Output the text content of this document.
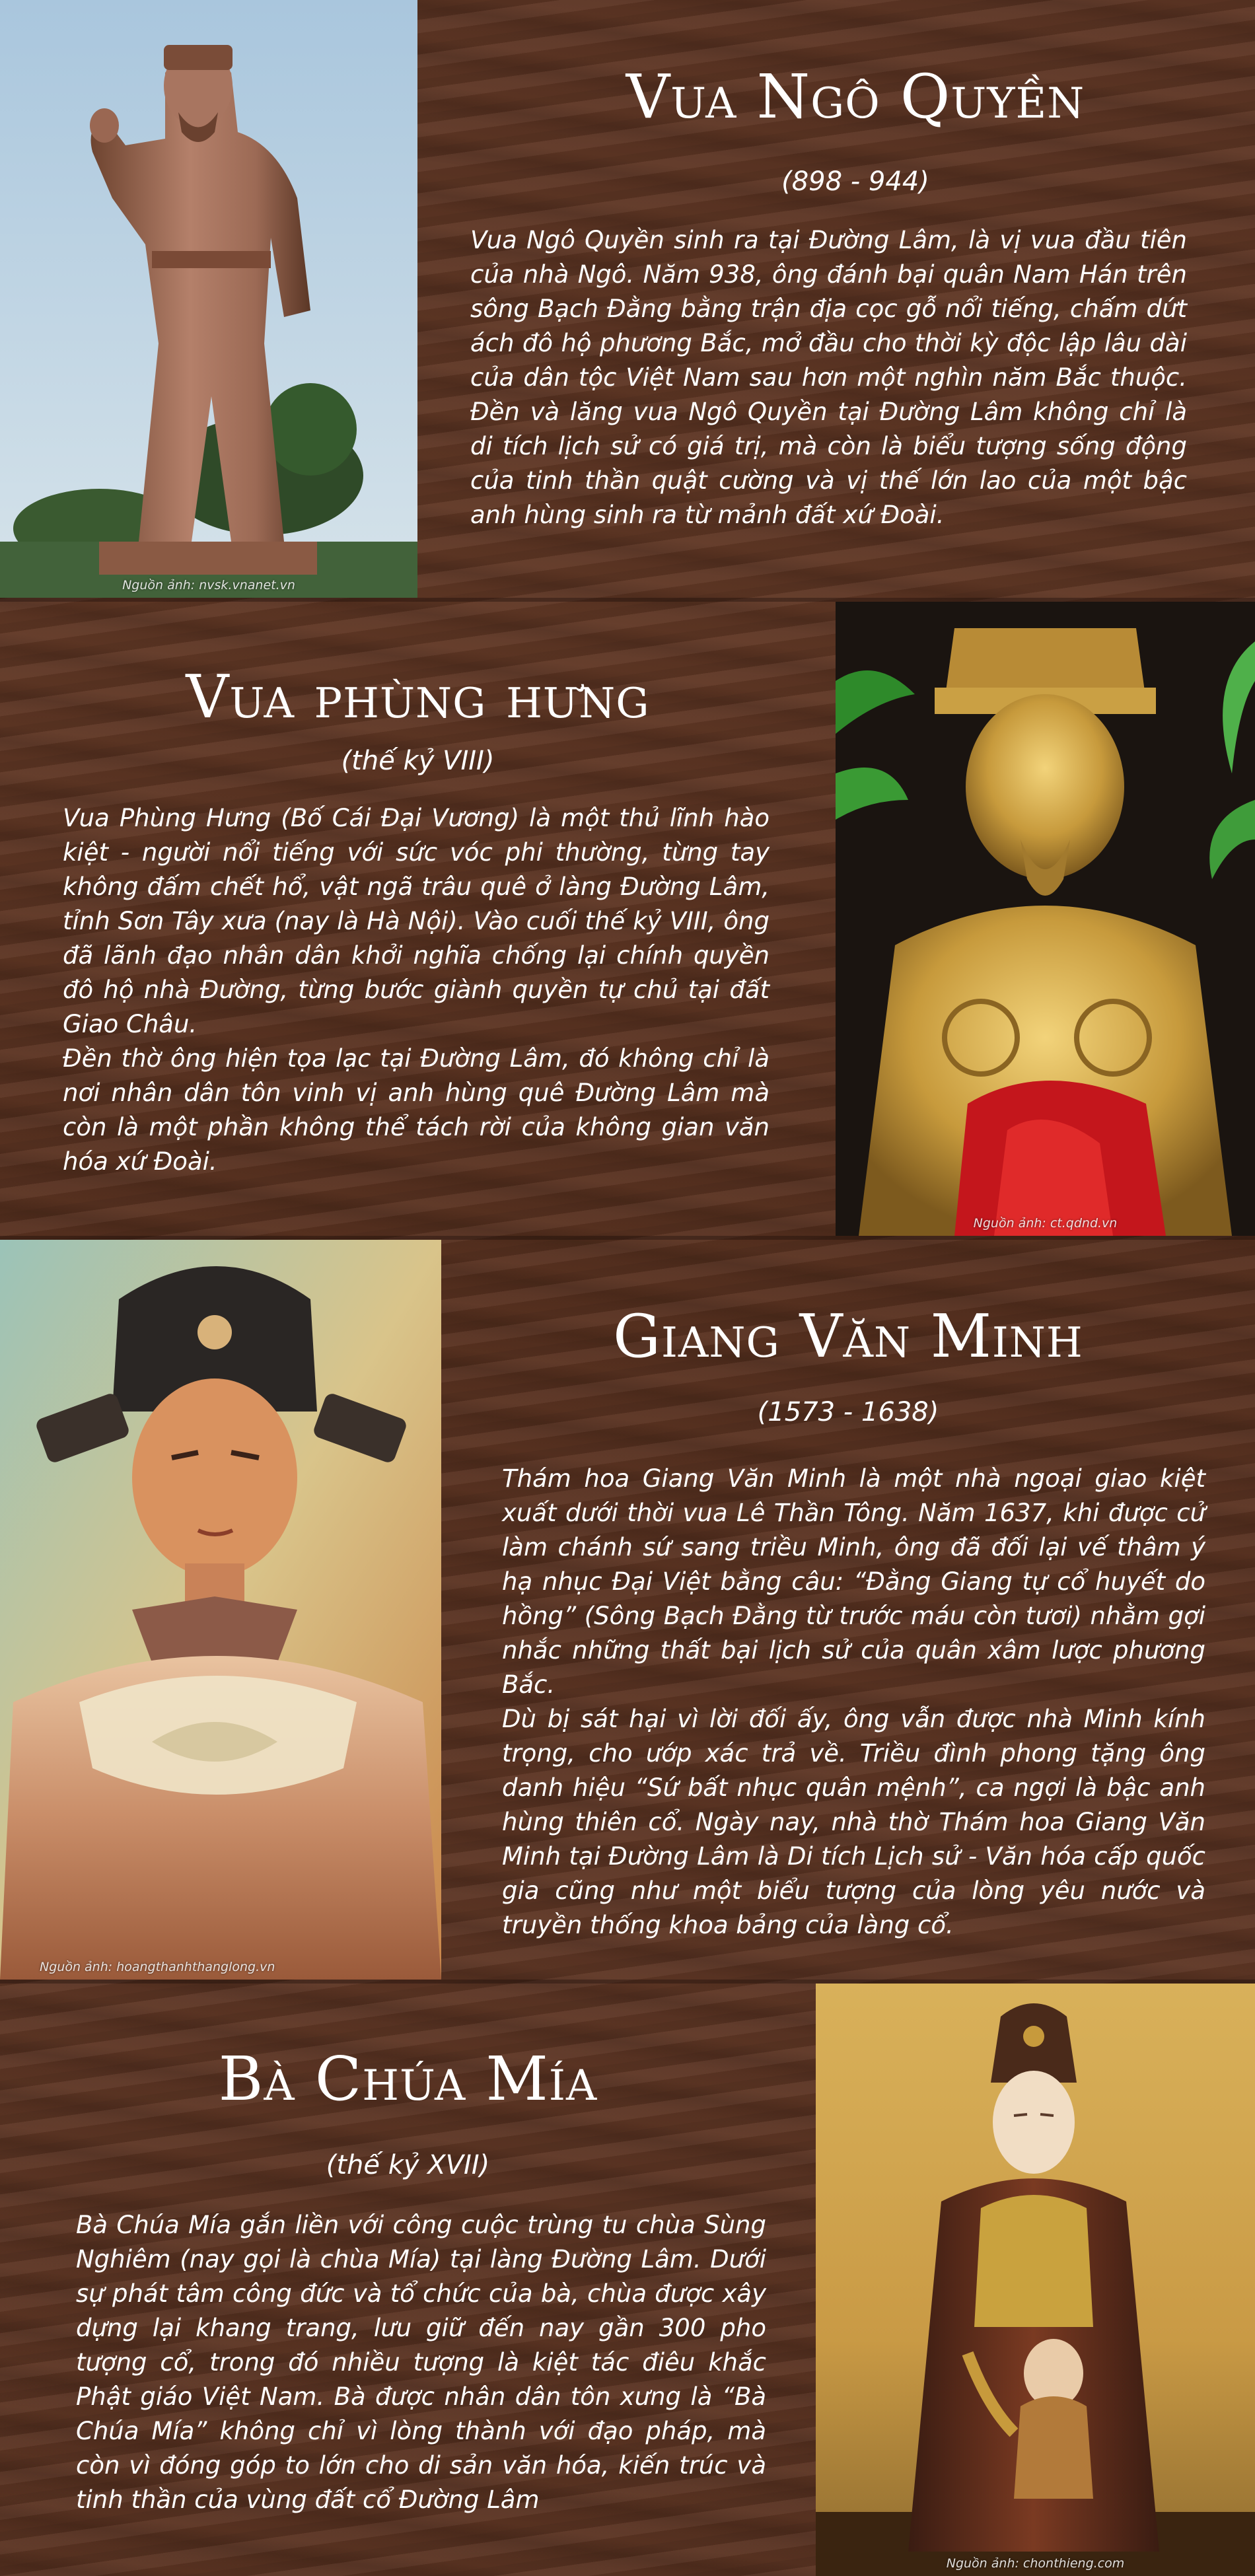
Nguồn ảnh: nvsk.vnanet.vn
Vua Ngô Quyền
(898 - 944)

Vua Ngô Quyền sinh ra tại Đường Lâm, là vị vua đầu tiên của nhà Ngô. Năm 938, ông đánh bại quân Nam Hán trên sông Bạch Đằng bằng trận địa cọc gỗ nổi tiếng, chấm dứt ách đô hộ phương Bắc, mở đầu cho thời kỳ độc lập lâu dài của dân tộc Việt Nam sau hơn một nghìn năm Bắc thuộc. Đền và lăng vua Ngô Quyền tại Đường Lâm không chỉ là di tích lịch sử có giá trị, mà còn là biểu tượng sống động của tinh thần quật cường và vị thế lớn lao của một bậc anh hùng sinh ra từ mảnh đất xứ Đoài.

Vua phùng hưng
(thế kỷ VIII)

Vua Phùng Hưng (Bố Cái Đại Vương) là một thủ lĩnh hào kiệt - người nổi tiếng với sức vóc phi thường, từng tay không đấm chết hổ, vật ngã trâu quê ở làng Đường Lâm, tỉnh Sơn Tây xưa (nay là Hà Nội). Vào cuối thế kỷ VIII, ông đã lãnh đạo nhân dân khởi nghĩa chống lại chính quyền đô hộ nhà Đường, từng bước giành quyền tự chủ tại đất Giao Châu.

Đền thờ ông hiện tọa lạc tại Đường Lâm, đó không chỉ là nơi nhân dân tôn vinh vị anh hùng quê Đường Lâm mà còn là một phần không thể tách rời của không gian văn hóa xứ Đoài.

Nguồn ảnh: ct.qdnd.vn
Nguồn ảnh: hoangthanhthanglong.vn
Giang Văn Minh
(1573 - 1638)

Thám hoa Giang Văn Minh là một nhà ngoại giao kiệt xuất dưới thời vua Lê Thần Tông. Năm 1637, khi được cử làm chánh sứ sang triều Minh, ông đã đối lại vế thâm ý hạ nhục Đại Việt bằng câu: “Đằng Giang tự cổ huyết do hồng” (Sông Bạch Đằng từ trước máu còn tươi) nhằm gợi nhắc những thất bại lịch sử của quân xâm lược phương Bắc.

Dù bị sát hại vì lời đối ấy, ông vẫn được nhà Minh kính trọng, cho ướp xác trả về. Triều đình phong tặng ông danh hiệu “Sứ bất nhục quân mệnh”, ca ngợi là bậc anh hùng thiên cổ. Ngày nay, nhà thờ Thám hoa Giang Văn Minh tại Đường Lâm là Di tích Lịch sử - Văn hóa cấp quốc gia cũng như một biểu tượng của lòng yêu nước và truyền thống khoa bảng của làng cổ.

Bà Chúa Mía
(thế kỷ XVII)

Bà Chúa Mía gắn liền với công cuộc trùng tu chùa Sùng Nghiêm (nay gọi là chùa Mía) tại làng Đường Lâm. Dưới sự phát tâm công đức và tổ chức của bà, chùa được xây dựng lại khang trang, lưu giữ đến nay gần 300 pho tượng cổ, trong đó nhiều tượng là kiệt tác điêu khắc Phật giáo Việt Nam. Bà được nhân dân tôn xưng là “Bà Chúa Mía” không chỉ vì lòng thành với đạo pháp, mà còn vì đóng góp to lớn cho di sản văn hóa, kiến trúc và tinh thần của vùng đất cổ Đường Lâm

Nguồn ảnh: chonthieng.com
